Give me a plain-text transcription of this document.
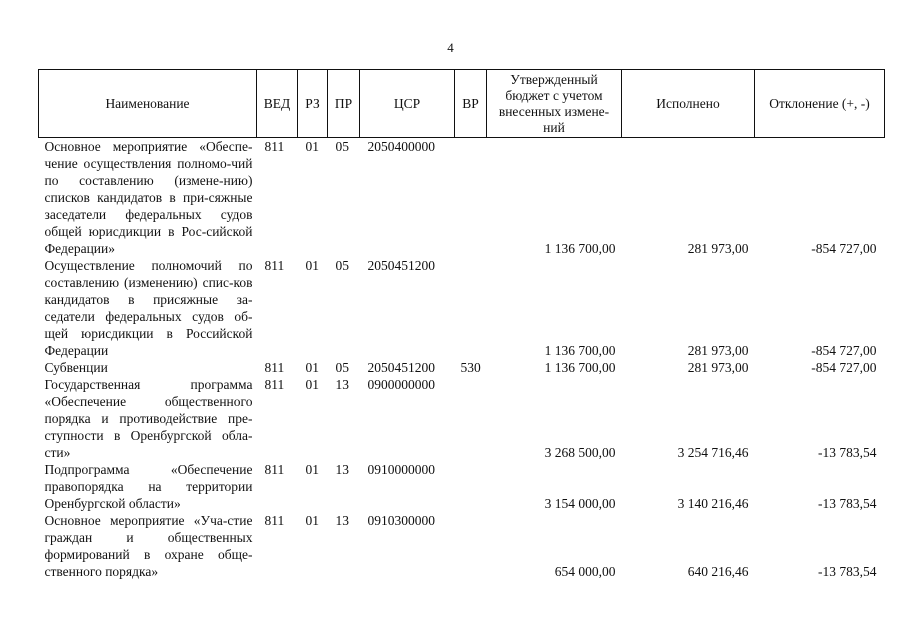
4
Наименование	ВЕД	РЗ	ПР	ЦСР	ВР	Утвержденный бюджет с учетом внесенных измене-ний	Исполнено	Отклонение (+, -)
Основное мероприятие «Обеспе-чение осуществления полномо-чий по составлению (измене-нию) списков кандидатов в при-сяжные заседатели федеральных судов общей юрисдикции в Рос-сийской Федерации»	811	01	05	2050400000		1 136 700,00	281 973,00	-854 727,00
Осуществление полномочий по составлению (изменению) спис-ков кандидатов в присяжные за-седатели федеральных судов об-щей юрисдикции в Российской Федерации	811	01	05	2050451200		1 136 700,00	281 973,00	-854 727,00
Субвенции	811	01	05	2050451200	530	1 136 700,00	281 973,00	-854 727,00
Государственная программа «Обеспечение общественного порядка и противодействие пре-ступности в Оренбургской обла-сти»	811	01	13	0900000000		3 268 500,00	3 254 716,46	-13 783,54
Подпрограмма «Обеспечение правопорядка на территории Оренбургской области»	811	01	13	0910000000		3 154 000,00	3 140 216,46	-13 783,54
Основное мероприятие «Уча-стие граждан и общественных формирований в охране обще-ственного порядка»	811	01	13	0910300000		654 000,00	640 216,46	-13 783,54
